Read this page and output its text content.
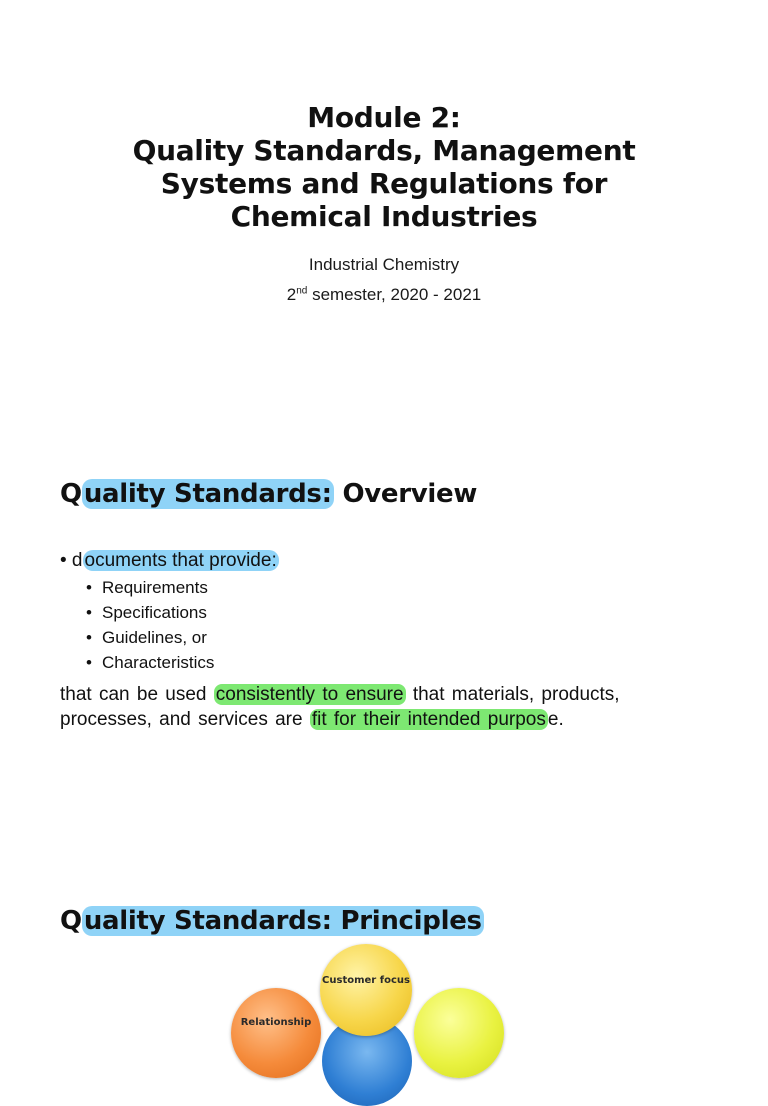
Module 2:
Quality Standards, Management
Systems and Regulations for
Chemical Industries
Industrial Chemistry
2nd semester, 2020 - 2021
Quality Standards: Overview
• d ocuments that provide:
• Requirements
• Specifications
• Guidelines, or
• Characteristics

that can be used consistently to ensure that materials, products,
processes, and services are fit for their intended purpos e.

Quality Standards: Principles
Relationship
Customer focus
